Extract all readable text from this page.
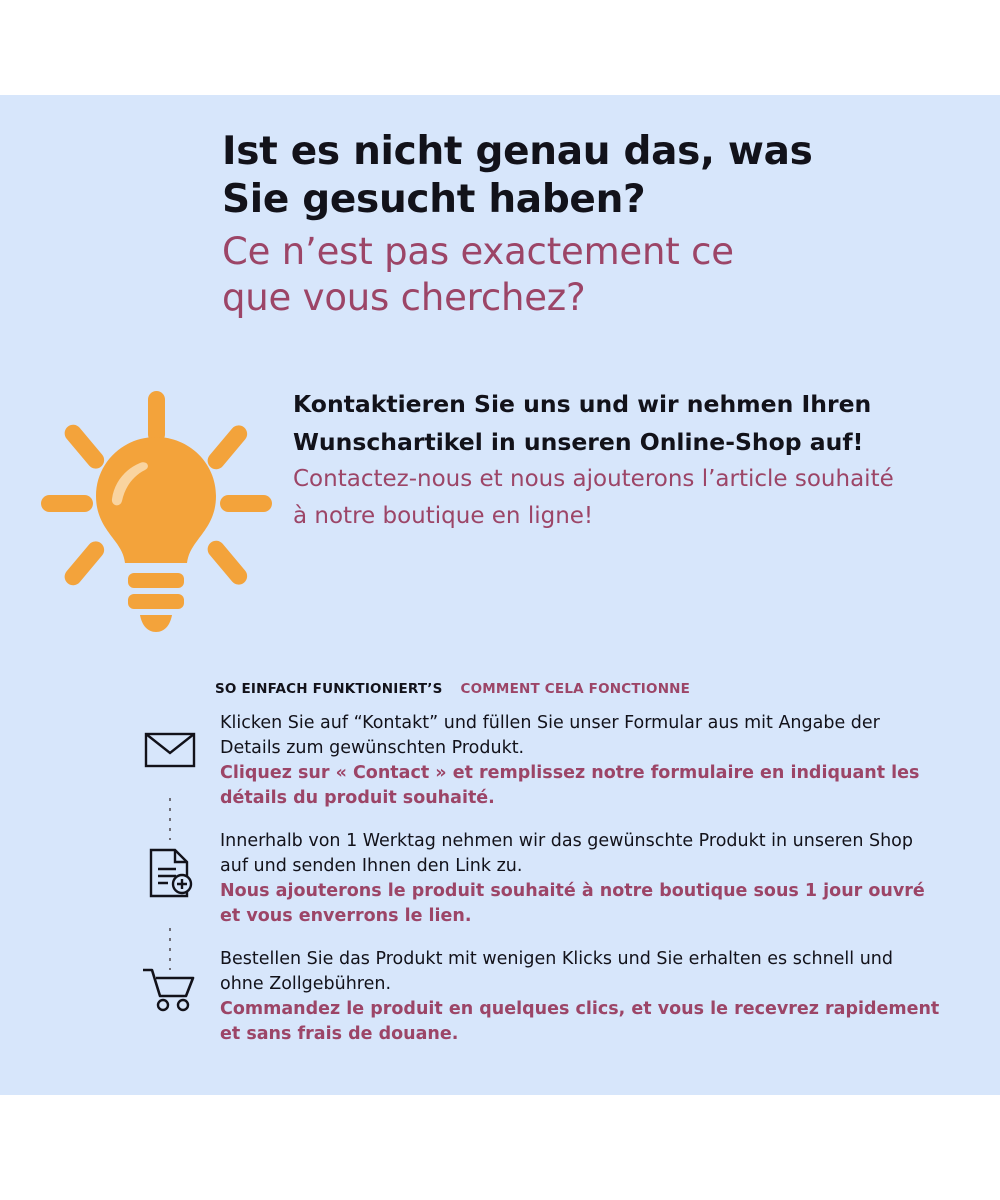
Ist es nicht genau das, was
Sie gesucht haben?
Ce n’est pas exactement ce
que vous cherchez?

Kontaktieren Sie uns und wir nehmen Ihren Wunschartikel in unseren Online-Shop auf!

Contactez-nous et nous ajouterons l’article souhaité à notre boutique en ligne!

SO EINFACH FUNKTIONIERT’S COMMENT CELA FONCTIONNE

Klicken Sie auf “Kontakt” und füllen Sie unser Formular aus mit Angabe der Details zum gewünschten Produkt.

Cliquez sur « Contact » et remplissez notre formulaire en indiquant les détails du produit souhaité.

Innerhalb von 1 Werktag nehmen wir das gewünschte Produkt in unseren Shop auf und senden Ihnen den Link zu.

Nous ajouterons le produit souhaité à notre boutique sous 1 jour ouvré et vous enverrons le lien.

Bestellen Sie das Produkt mit wenigen Klicks und Sie erhalten es schnell und ohne Zollgebühren.

Commandez le produit en quelques clics, et vous le recevrez rapidement et sans frais de douane.
